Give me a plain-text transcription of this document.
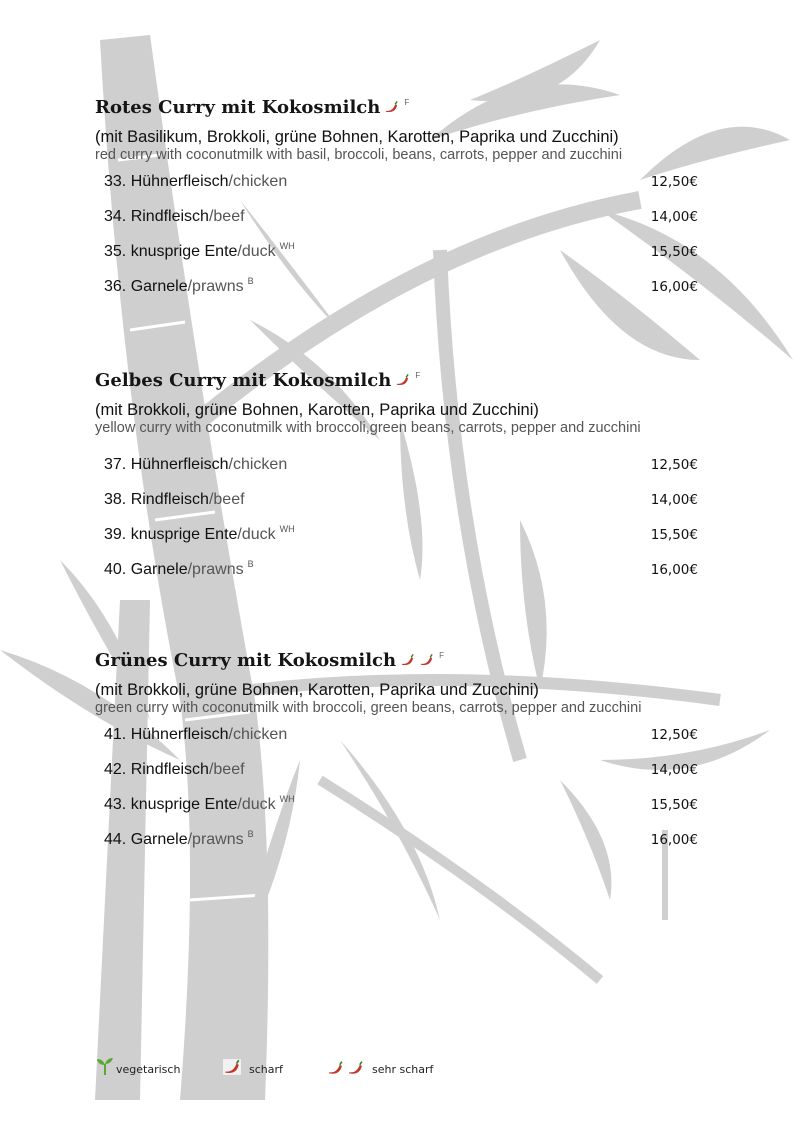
Rotes Curry mit Kokosmilch	F
(mit Basilikum, Brokkoli, grüne Bohnen, Karotten, Paprika und Zucchini)
red curry with coconutmilk with basil, broccoli, beans, carrots, pepper and zucchini
33. Hühnerfleisch/chicken	12,50€
34. Rindfleisch/beef	14,00€
35. knusprige Ente/duck $^{WH}$	15,50€
36. Garnele/prawns $^B$	16,00€
Gelbes Curry mit Kokosmilch	F
(mit Brokkoli, grüne Bohnen, Karotten, Paprika und Zucchini)
yellow curry with coconutmilk with broccoli,green beans, carrots, pepper and zucchini
37. Hühnerfleisch/chicken	12,50€
38. Rindfleisch/beef	14,00€
39. knusprige Ente/duck $^{WH}$	15,50€
40. Garnele/prawns $^B$	16,00€
Grünes Curry mit Kokosmilch	F
(mit Brokkoli, grüne Bohnen, Karotten, Paprika und Zucchini)
green curry with coconutmilk with broccoli, green beans, carrots, pepper and zucchini
41. Hühnerfleisch/chicken	12,50€
42. Rindfleisch/beef	14,00€
43. knusprige Ente/duck $^{WH}$	15,50€
44. Garnele/prawns $^B$	16,00€
vegetarisch	scharf	sehr scharf
